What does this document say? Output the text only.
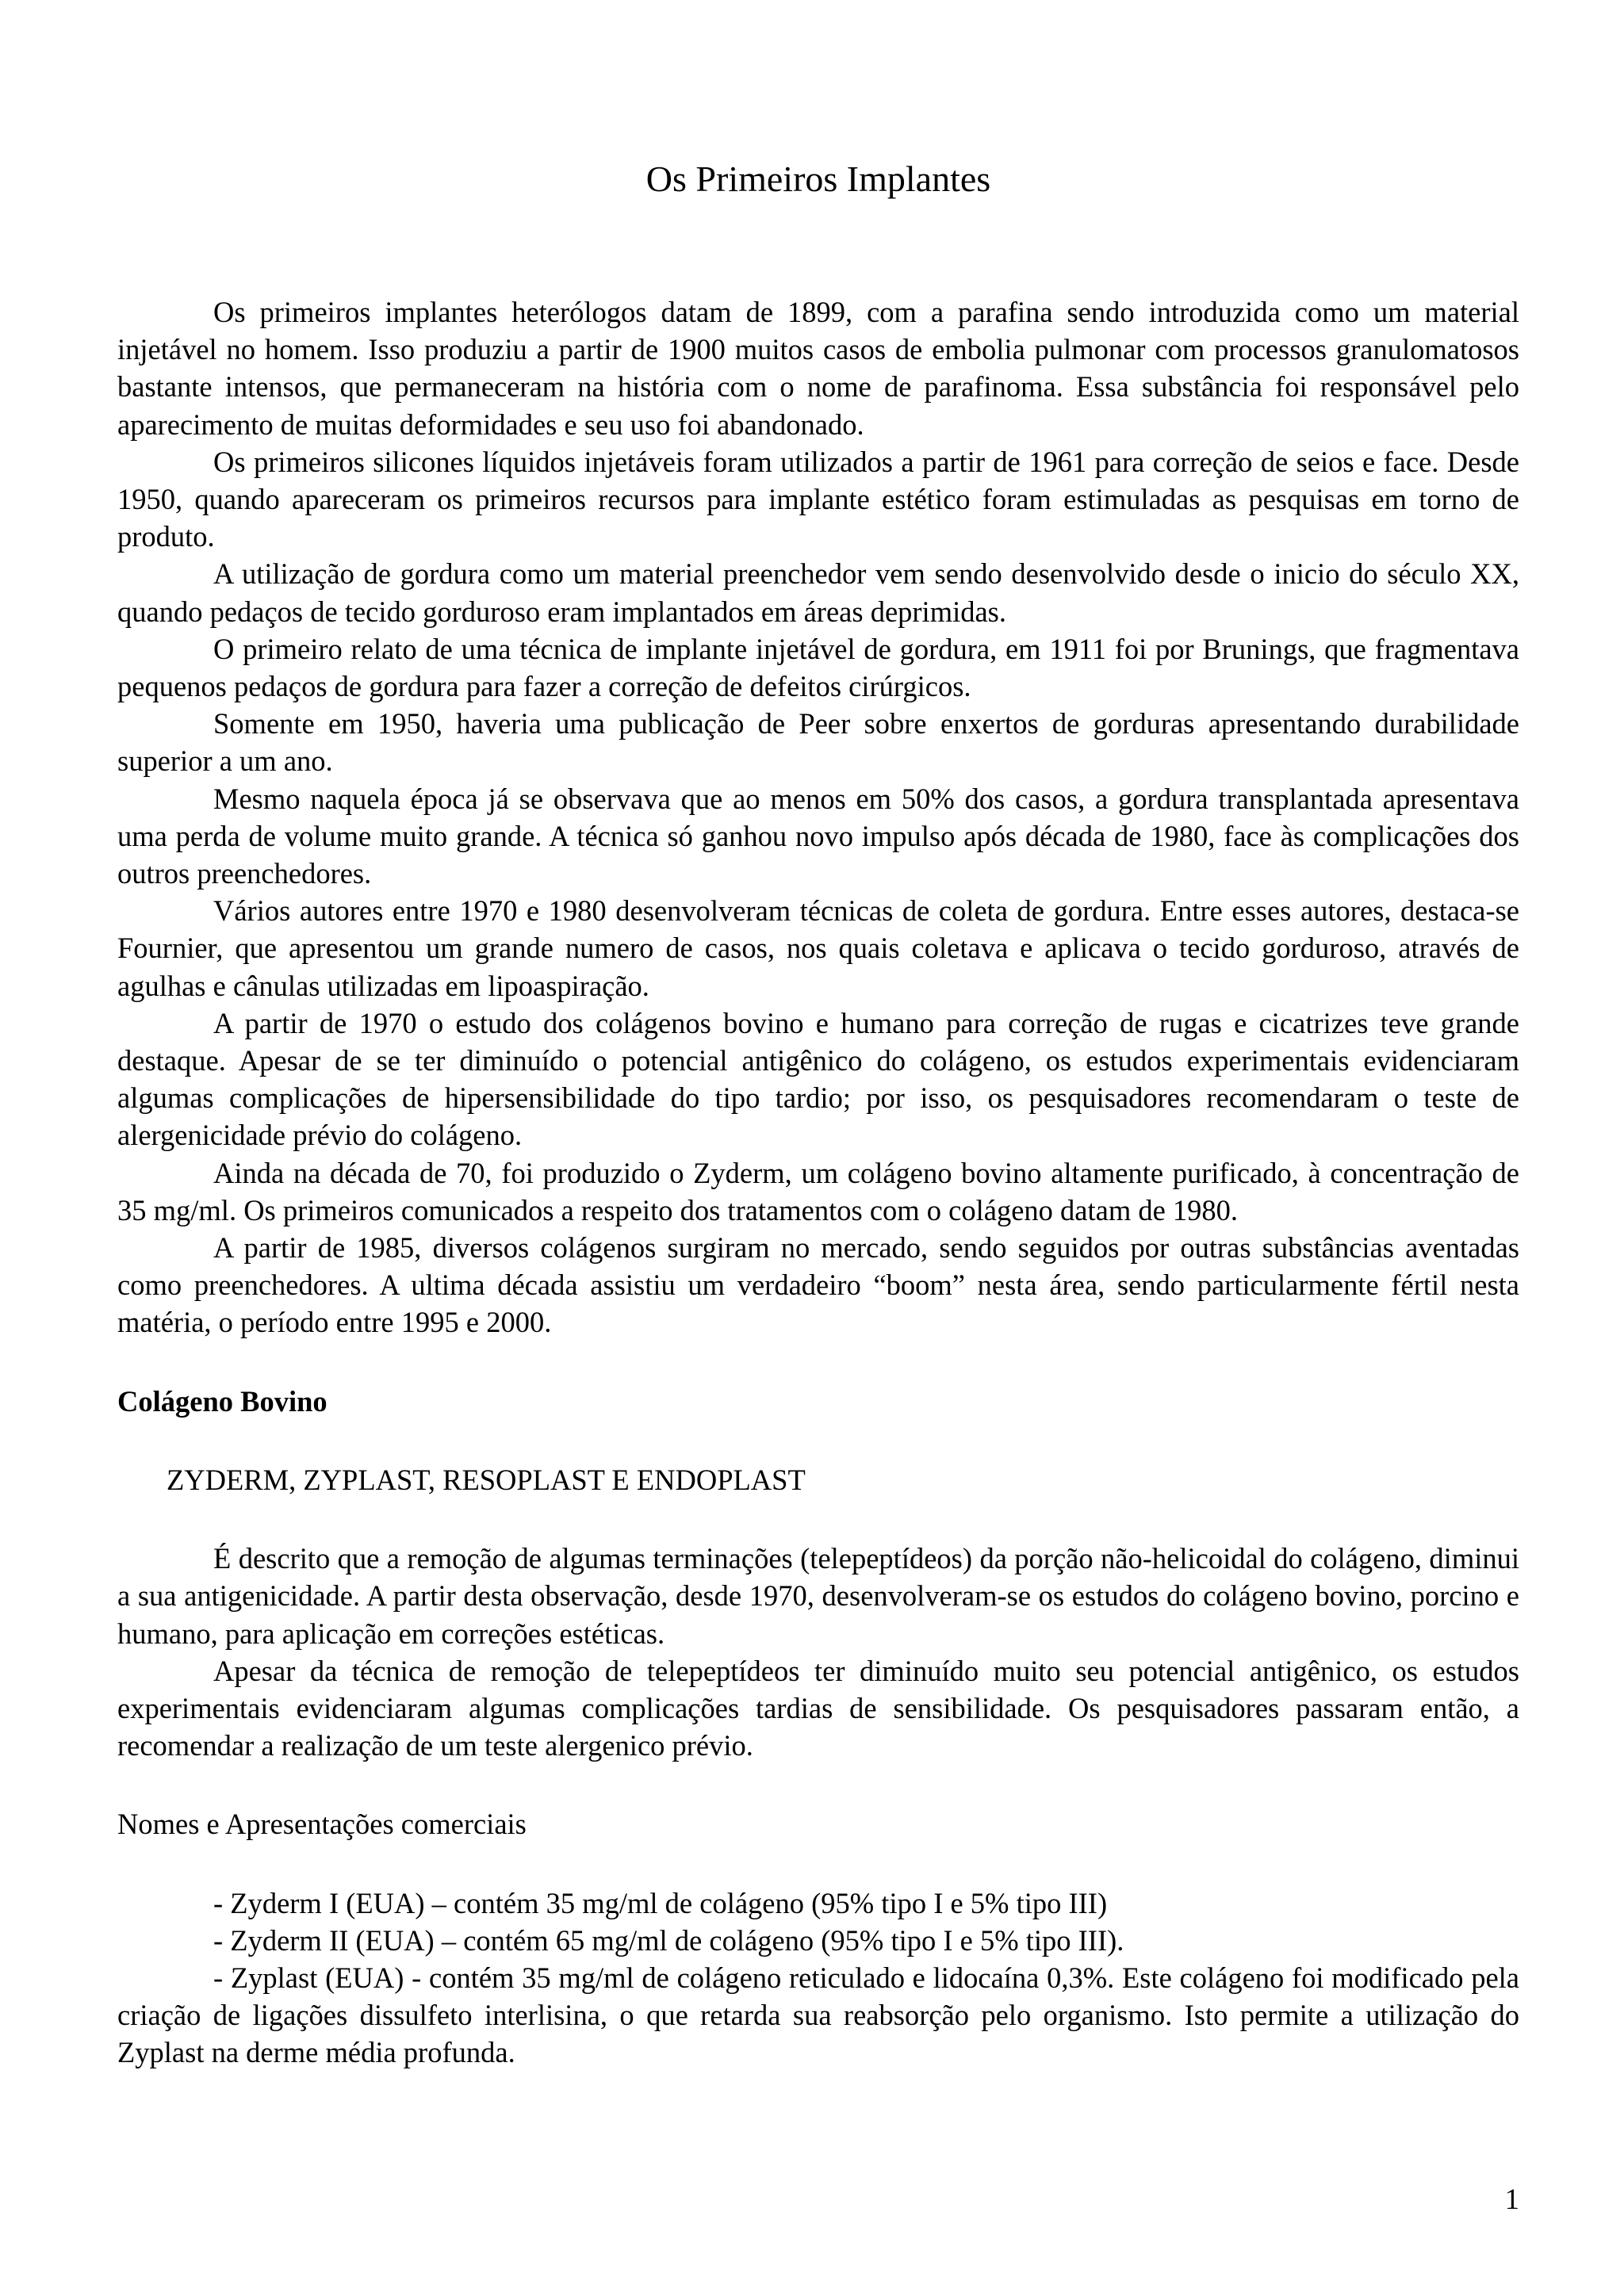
Os Primeiros Implantes

Os primeiros implantes heterólogos datam de 1899, com a parafina sendo introduzida como um material injetável no homem. Isso produziu a partir de 1900 muitos casos de embolia pulmonar com processos granulomatosos bastante intensos, que permaneceram na história com o nome de parafinoma. Essa substância foi responsável pelo aparecimento de muitas deformidades e seu uso foi abandonado.

Os primeiros silicones líquidos injetáveis foram utilizados a partir de 1961 para correção de seios e face. Desde 1950, quando apareceram os primeiros recursos para implante estético foram estimuladas as pesquisas em torno de produto.

A utilização de gordura como um material preenchedor vem sendo desenvolvido desde o inicio do século XX, quando pedaços de tecido gorduroso eram implantados em áreas deprimidas.

O primeiro relato de uma técnica de implante injetável de gordura, em 1911 foi por Brunings, que fragmentava pequenos pedaços de gordura para fazer a correção de defeitos cirúrgicos.

Somente em 1950, haveria uma publicação de Peer sobre enxertos de gorduras apresentando durabilidade superior a um ano.

Mesmo naquela época já se observava que ao menos em 50% dos casos, a gordura transplantada apresentava uma perda de volume muito grande. A técnica só ganhou novo impulso após década de 1980, face às complicações dos outros preenchedores.

Vários autores entre 1970 e 1980 desenvolveram técnicas de coleta de gordura. Entre esses autores, destaca-se Fournier, que apresentou um grande numero de casos, nos quais coletava e aplicava o tecido gorduroso, através de agulhas e cânulas utilizadas em lipoaspiração.

A partir de 1970 o estudo dos colágenos bovino e humano para correção de rugas e cicatrizes teve grande destaque. Apesar de se ter diminuído o potencial antigênico do colágeno, os estudos experimentais evidenciaram algumas complicações de hipersensibilidade do tipo tardio; por isso, os pesquisadores recomendaram o teste de alergenicidade prévio do colágeno.

Ainda na década de 70, foi produzido o Zyderm, um colágeno bovino altamente purificado, à concentração de 35 mg/ml. Os primeiros comunicados a respeito dos tratamentos com o colágeno datam de 1980.

A partir de 1985, diversos colágenos surgiram no mercado, sendo seguidos por outras substâncias aventadas como preenchedores. A ultima década assistiu um verdadeiro “boom” nesta área, sendo particularmente fértil nesta matéria, o período entre 1995 e 2000.

Colágeno Bovino

ZYDERM, ZYPLAST, RESOPLAST E ENDOPLAST

É descrito que a remoção de algumas terminações (telepeptídeos) da porção não-helicoidal do colágeno, diminui a sua antigenicidade. A partir desta observação, desde 1970, desenvolveram-se os estudos do colágeno bovino, porcino e humano, para aplicação em correções estéticas.

Apesar da técnica de remoção de telepeptídeos ter diminuído muito seu potencial antigênico, os estudos experimentais evidenciaram algumas complicações tardias de sensibilidade. Os pesquisadores passaram então, a recomendar a realização de um teste alergenico prévio.

Nomes e Apresentações comerciais

- Zyderm I (EUA) – contém 35 mg/ml de colágeno (95% tipo I e 5% tipo III)

- Zyderm II (EUA) – contém 65 mg/ml de colágeno (95% tipo I e 5% tipo III).

- Zyplast (EUA) - contém 35 mg/ml de colágeno reticulado e lidocaína 0,3%. Este colágeno foi modificado pela criação de ligações dissulfeto interlisina, o que retarda sua reabsorção pelo organismo. Isto permite a utilização do Zyplast na derme média profunda.

1
